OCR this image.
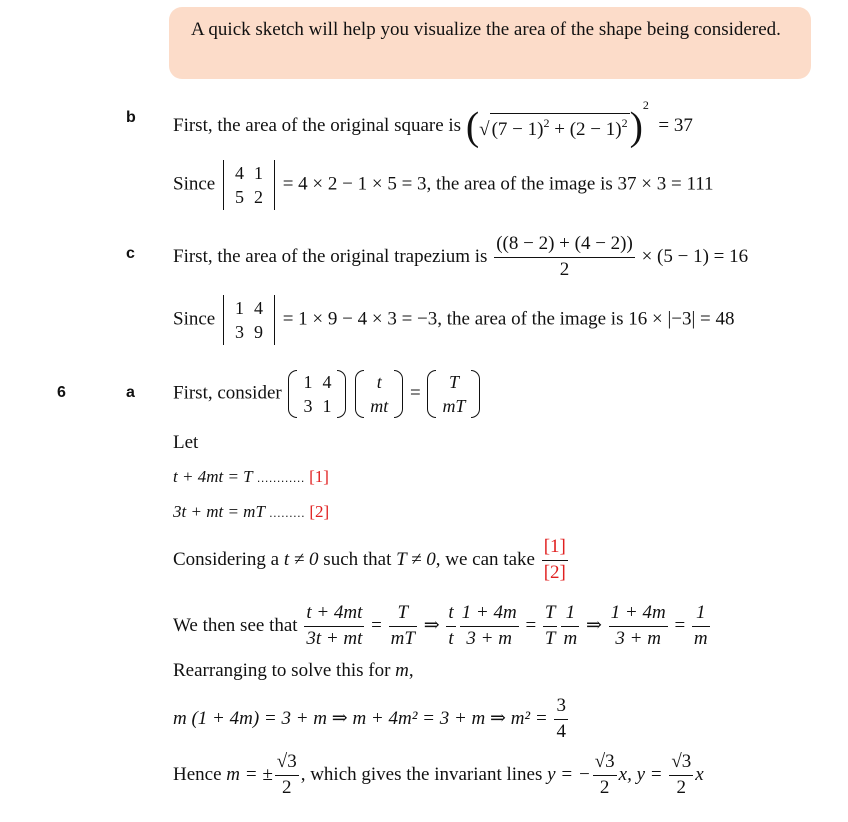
A quick sketch will help you visualize the area of the shape being considered.
b First, the area of the original square is (√ $(7 - 1)^2 + (2 - 1)^2)^2 = 37$
Since
4	1
5	2
= 4 × 2 − 1 × 5 = 3, the area of the image is 37 × 3 = 111
c First, the area of the original trapezium is $\frac{((8 - 2) + (4 - 2))}{2} \times (5 - 1) = 16$
Since
1	4
3	9
= 1 × 9 − 4 × 3 = −3, the area of the image is 16 × |−3| = 48
6	a First, consider
1	4
3	1

t
mt
=
T
mT
Let
t + 4mt = T ............ [1]
3t + mt = mT ......... [2]
Considering a t ≠ 0 such that T ≠ 0, we can take $\frac{[1]}{[2]}$
We then see that $\frac{t + 4mt}{3t + mt} = \frac{T}{mT}$ ⇒ $\frac{t}{t} \frac{1 + 4m}{3 + m} = \frac{T}{T} \frac{1}{m}$ ⇒ $\frac{1 + 4m}{3 + m} = \frac{1}{m}$
Rearranging to solve this for m,
m (1 + 4m) = 3 + m ⇒ m + 4m² = 3 + m ⇒ $m^2 = \frac{3}{4}$
Hence m = ± $\frac{√3}{2}$ , which gives the invariant lines y = − $\frac{√3}{2} x$, $y = \frac{√3}{2}$ x
